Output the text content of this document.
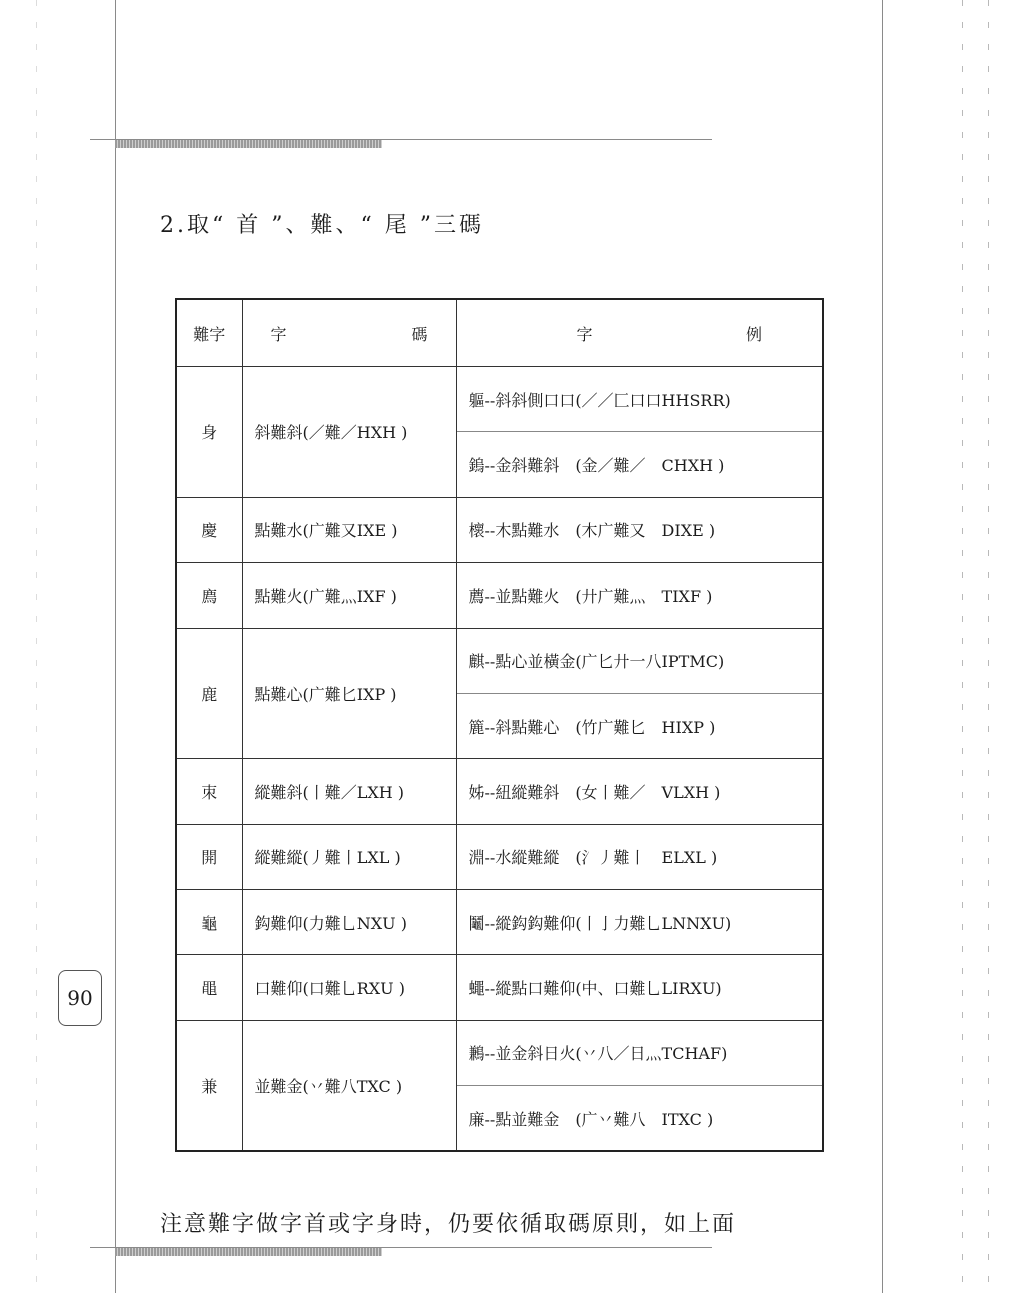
2.取“ 首 ”、難、“ 尾 ”三碼
難字	字 碼	字 例

身	斜難斜(／難／HXH )	軀--斜斜側口口(／／匚口口HHSRR)
		鎢--金斜難斜　(金／難／　CHXH )
慶	點難水(广難又IXE )	櫰--木點難水　(木广難又　DIXE )
廌	點難火(广難灬IXF )	薦--並點難火　(廾广難灬　TIXF )
鹿	點難心(广難匕IXP )	麒--點心並橫金(广匕廾一八IPTMC)
		簏--斜點難心　(竹广難匕　HIXP )
朿	縱難斜(丨難／LXH )	姊--紐縱難斜　(女丨難／　VLXH )
開	縱難縱(丿難丨LXL )	淵--水縱難縱　(氵丿難丨　ELXL )
龜	鈎難仰(力難乚NXU )	鬮--縱鈎鈎難仰(丨亅力難乚LNNXU)
黽	口難仰(口難乚RXU )	蠅--縱點口難仰(中、口難乚LIRXU)
兼	並難金(丷難八TXC )	鶼--並金斜日火(丷八／日灬TCHAF)
		廉--點並難金　(广丷難八　ITXC )
90
注意難字做字首或字身時，仍要依循取碼原則，如上面
